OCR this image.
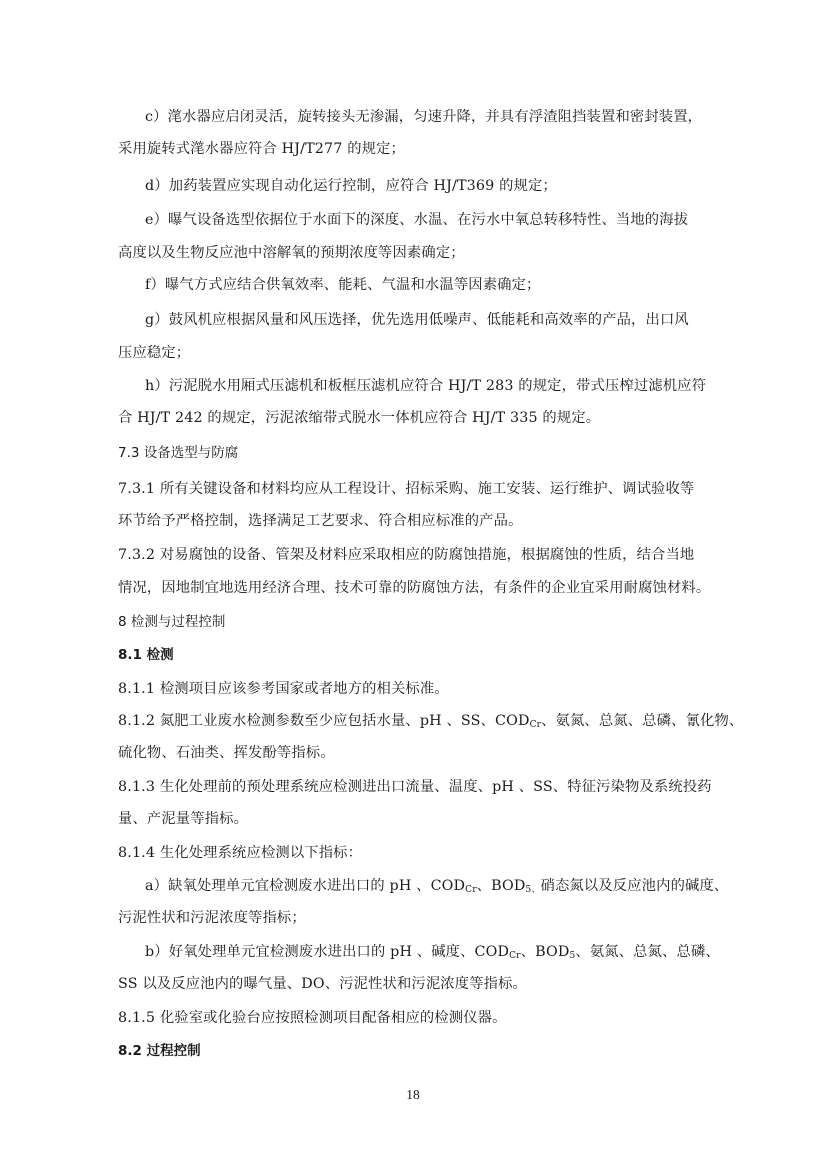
c）滗水器应启闭灵活，旋转接头无渗漏，匀速升降，并具有浮渣阻挡装置和密封装置，
采用旋转式滗水器应符合 HJ/T277 的规定；
d）加药装置应实现自动化运行控制，应符合 HJ/T369 的规定；
e）曝气设备选型依据位于水面下的深度、水温、在污水中氧总转移特性、当地的海拔
高度以及生物反应池中溶解氧的预期浓度等因素确定；
f）曝气方式应结合供氧效率、能耗、气温和水温等因素确定；
g）鼓风机应根据风量和风压选择，优先选用低噪声、低能耗和高效率的产品，出口风
压应稳定；
h）污泥脱水用厢式压滤机和板框压滤机应符合 HJ/T 283 的规定，带式压榨过滤机应符
合 HJ/T 242 的规定，污泥浓缩带式脱水一体机应符合 HJ/T 335 的规定。
7.3 设备选型与防腐
7.3.1 所有关键设备和材料均应从工程设计、招标采购、施工安装、运行维护、调试验收等
环节给予严格控制，选择满足工艺要求、符合相应标准的产品。
7.3.2 对易腐蚀的设备、管架及材料应采取相应的防腐蚀措施，根据腐蚀的性质，结合当地
情况，因地制宜地选用经济合理、技术可靠的防腐蚀方法，有条件的企业宜采用耐腐蚀材料。
8 检测与过程控制
8.1 检测
8.1.1 检测项目应该参考国家或者地方的相关标准。
8.1.2 氮肥工业废水检测参数至少应包括水量、pH 、SS、$COD_{Cr}$、氨氮、总氮、总磷、氰化物、
硫化物、石油类、挥发酚等指标。
8.1.3 生化处理前的预处理系统应检测进出口流量、温度、pH 、SS、特征污染物及系统投药
量、产泥量等指标。
8.1.4 生化处理系统应检测以下指标：
a）缺氧处理单元宜检测废水进出口的 pH 、$COD_{Cr}$、$BOD_{5、}$硝态氮以及反应池内的碱度、
污泥性状和污泥浓度等指标；
b）好氧处理单元宜检测废水进出口的 pH 、碱度、$COD_{Cr}$、$BOD_5$、氨氮、总氮、总磷、
SS 以及反应池内的曝气量、DO、污泥性状和污泥浓度等指标。
8.1.5 化验室或化验台应按照检测项目配备相应的检测仪器。
8.2 过程控制
18
